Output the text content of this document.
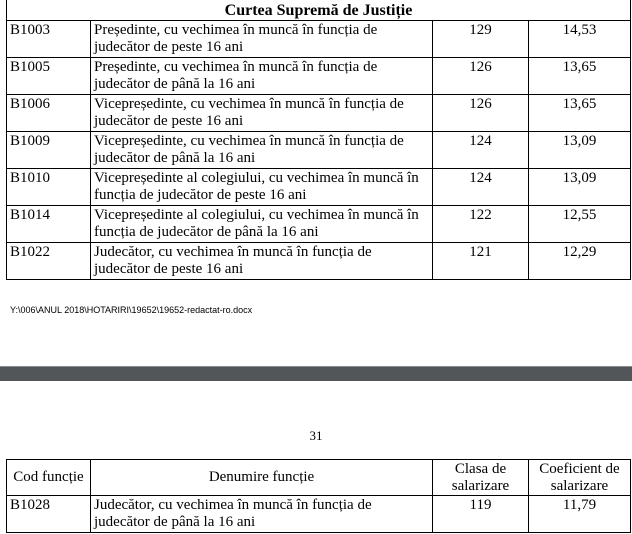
Curtea Supremă de Justiție			
B1003	Președinte, cu vechimea în muncă în funcția de judecător de peste 16 ani	129	14,53
B1005	Președinte, cu vechimea în muncă în funcția de judecător de până la 16 ani	126	13,65
B1006	Vicepreședinte, cu vechimea în muncă în funcția de judecător de peste 16 ani	126	13,65
B1009	Vicepreședinte, cu vechimea în muncă în funcția de judecător de până la 16 ani	124	13,09
B1010	Vicepreședinte al colegiului, cu vechimea în muncă în funcția de judecător de peste 16 ani	124	13,09
B1014	Vicepreședinte al colegiului, cu vechimea în muncă în funcția de judecător de până la 16 ani	122	12,55
B1022	Judecător, cu vechimea în muncă în funcția de judecător de peste 16 ani	121	12,29
Y:\006\ANUL 2018\HOTARIRI\19652\19652-redactat-ro.docx
31
Cod funcție	Denumire funcție	Clasa de salarizare	Coeficient de salarizare
B1028	Judecător, cu vechimea în muncă în funcția de judecător de până la 16 ani	119	11,79
